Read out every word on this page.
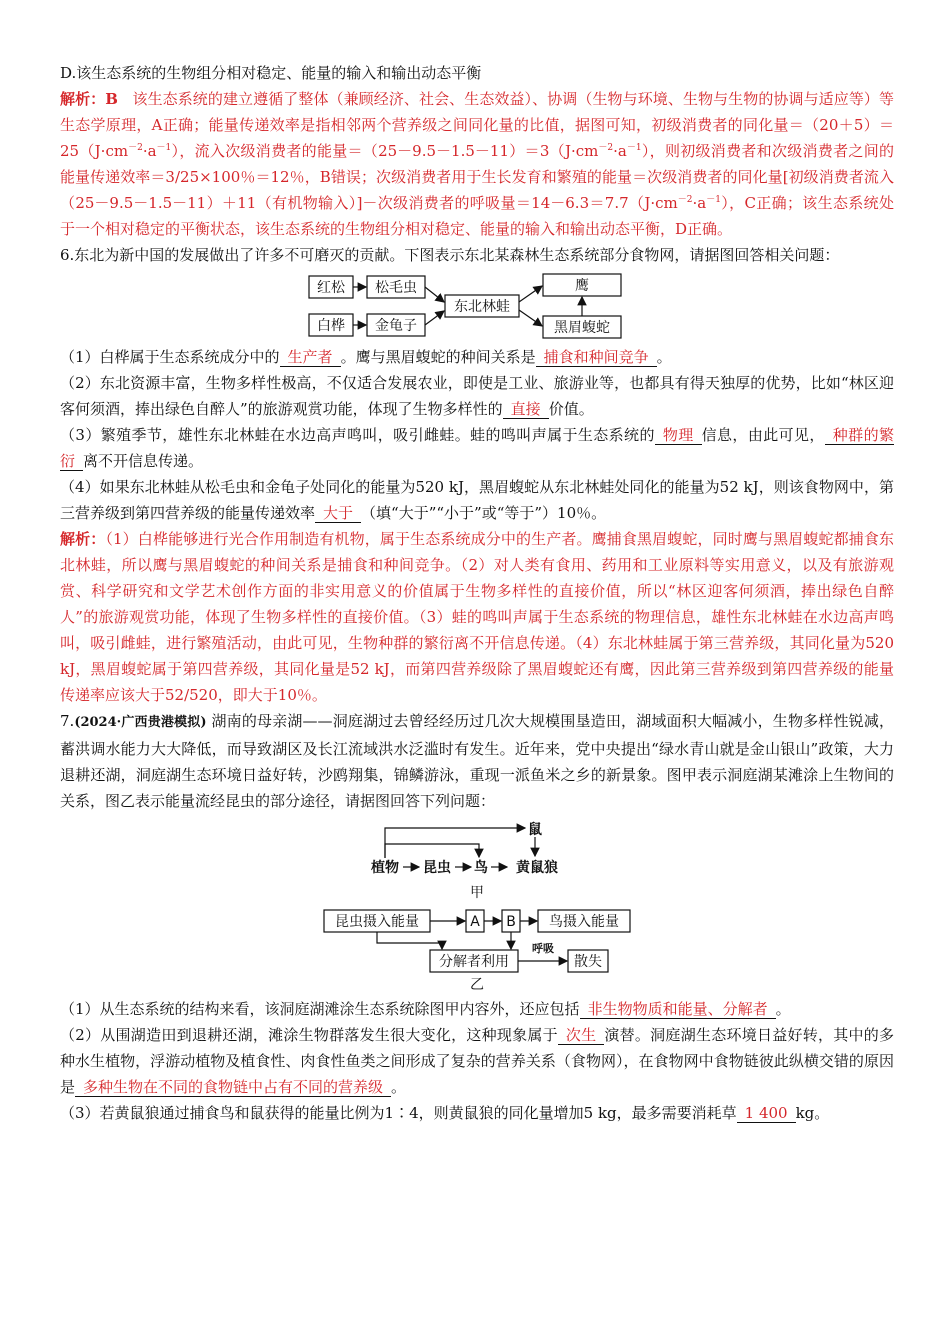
D.该生态系统的生物组分相对稳定、能量的输入和输出动态平衡

解析：B 该生态系统的建立遵循了整体（兼顾经济、社会、生态效益）、协调（生物与环境、生物与生物的协调与适应等）等生态学原理，A正确；能量传递效率是指相邻两个营养级之间同化量的比值，据图可知，初级消费者的同化量$=(20+5)=25(J\cdot cm^{-2}\cdot a^{-1})$，流入次级消费者的能量$=(25-9.5-1.5-11)=3(J\cdot cm^{-2}\cdot a^{-1})$，则初级消费者和次级消费者之间的能量传递效率＝3/25×100％＝12％，B错误；次级消费者用于生长发育和繁殖的能量＝次级消费者的同化量[初级消费者流入（25－9.5－1.5－11）＋11（有机物输入）]－次级消费者的呼吸量$=14-6.3=7.7(J\cdot cm^{-2}\cdot a^{-1})$，C正确；该生态系统处于一个相对稳定的平衡状态，该生态系统的生物组分相对稳定、能量的输入和输出动态平衡，D正确。

6.东北为新中国的发展做出了许多不可磨灭的贡献。下图表示东北某森林生态系统部分食物网，请据图回答相关问题：

红松 松毛虫
白桦 金龟子
东北林蛙
鹰
黑眉蝮蛇

（1）白桦属于生态系统成分中的 生产者 。鹰与黑眉蝮蛇的种间关系是 捕食和种间竞争 。

（2）东北资源丰富，生物多样性极高，不仅适合发展农业，即使是工业、旅游业等，也都具有得天独厚的优势，比如“林区迎客何须酒，捧出绿色自醉人”的旅游观赏功能，体现了生物多样性的 直接 价值。

（3）繁殖季节，雄性东北林蛙在水边高声鸣叫，吸引雌蛙。蛙的鸣叫声属于生态系统的 物理 信息，由此可见， 种群的繁衍 离不开信息传递。

（4）如果东北林蛙从松毛虫和金龟子处同化的能量为520 kJ，黑眉蝮蛇从东北林蛙处同化的能量为52 kJ，则该食物网中，第三营养级到第四营养级的能量传递效率 大于 （填“大于”“小于”或“等于”）10％。

解析：（1）白桦能够进行光合作用制造有机物，属于生态系统成分中的生产者。鹰捕食黑眉蝮蛇，同时鹰与黑眉蝮蛇都捕食东北林蛙，所以鹰与黑眉蝮蛇的种间关系是捕食和种间竞争。（2）对人类有食用、药用和工业原料等实用意义，以及有旅游观赏、科学研究和文学艺术创作方面的非实用意义的价值属于生物多样性的直接价值，所以“林区迎客何须酒，捧出绿色自醉人”的旅游观赏功能，体现了生物多样性的直接价值。（3）蛙的鸣叫声属于生态系统的物理信息，雄性东北林蛙在水边高声鸣叫，吸引雌蛙，进行繁殖活动，由此可见，生物种群的繁衍离不开信息传递。（4）东北林蛙属于第三营养级，其同化量为520 kJ，黑眉蝮蛇属于第四营养级，其同化量是52 kJ，而第四营养级除了黑眉蝮蛇还有鹰，因此第三营养级到第四营养级的能量传递率应该大于52/520，即大于10％。

7.(2024·广西贵港模拟) 湖南的母亲湖——洞庭湖过去曾经经历过几次大规模围垦造田，湖域面积大幅减小，生物多样性锐减，蓄洪调水能力大大降低，而导致湖区及长江流域洪水泛滥时有发生。近年来，党中央提出“绿水青山就是金山银山”政策，大力退耕还湖，洞庭湖生态环境日益好转，沙鸥翔集，锦鳞游泳，重现一派鱼米之乡的新景象。图甲表示洞庭湖某滩涂上生物间的关系，图乙表示能量流经昆虫的部分途径，请据图回答下列问题：

鼠
植物 昆虫 鸟 黄鼠狼
甲
昆虫摄入能量	A B 鸟摄入能量
分解者利用	散失
呼吸
乙

（1）从生态系统的结构来看，该洞庭湖滩涂生态系统除图甲内容外，还应包括 非生物物质和能量、分解者 。

（2）从围湖造田到退耕还湖，滩涂生物群落发生很大变化，这种现象属于 次生 演替。洞庭湖生态环境日益好转，其中的多种水生植物，浮游动植物及植食性、肉食性鱼类之间形成了复杂的营养关系（食物网），在食物网中食物链彼此纵横交错的原因是 多种生物在不同的食物链中占有不同的营养级 。

（3）若黄鼠狼通过捕食鸟和鼠获得的能量比例为1∶4，则黄鼠狼的同化量增加5 kg，最多需要消耗草 1 400 kg。
